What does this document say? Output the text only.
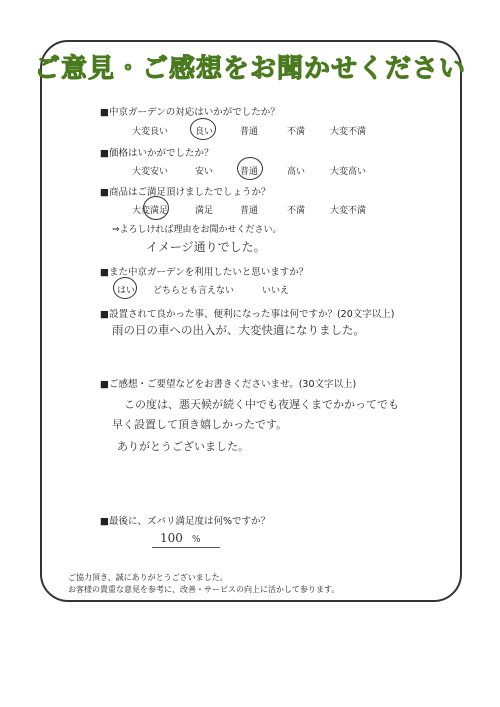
ご意見・ご感想をお聞かせください
■中京ガーデンの対応はいかがでしたか？
大変良い	良い	普通	不満	大変不満
■価格はいかがでしたか？
大変安い	安い	普通	高い	大変高い
■商品はご満足頂けましたでしょうか？
大変満足	満足	普通	不満	大変不満
⇒よろしければ理由をお聞かせください。
イメージ通りでした。
■また中京ガーデンを利用したいと思いますか？
はい どちらとも言えない	いいえ
■設置されて良かった事、便利になった事は何ですか？(20文字以上)
雨の日の車への出入が、大変快適になりました。
■ご感想・ご要望などをお書きくださいませ。(30文字以上)
この度は、悪天候が続く中でも夜遅くまでかかってでも
早く設置して頂き嬉しかったです。
ありがとうございました。
■最後に、ズバリ満足度は何%ですか？
100 %
ご協力頂き、誠にありがとうございました。
お客様の貴重な意見を参考に、改善・サービスの向上に活かして参ります。
